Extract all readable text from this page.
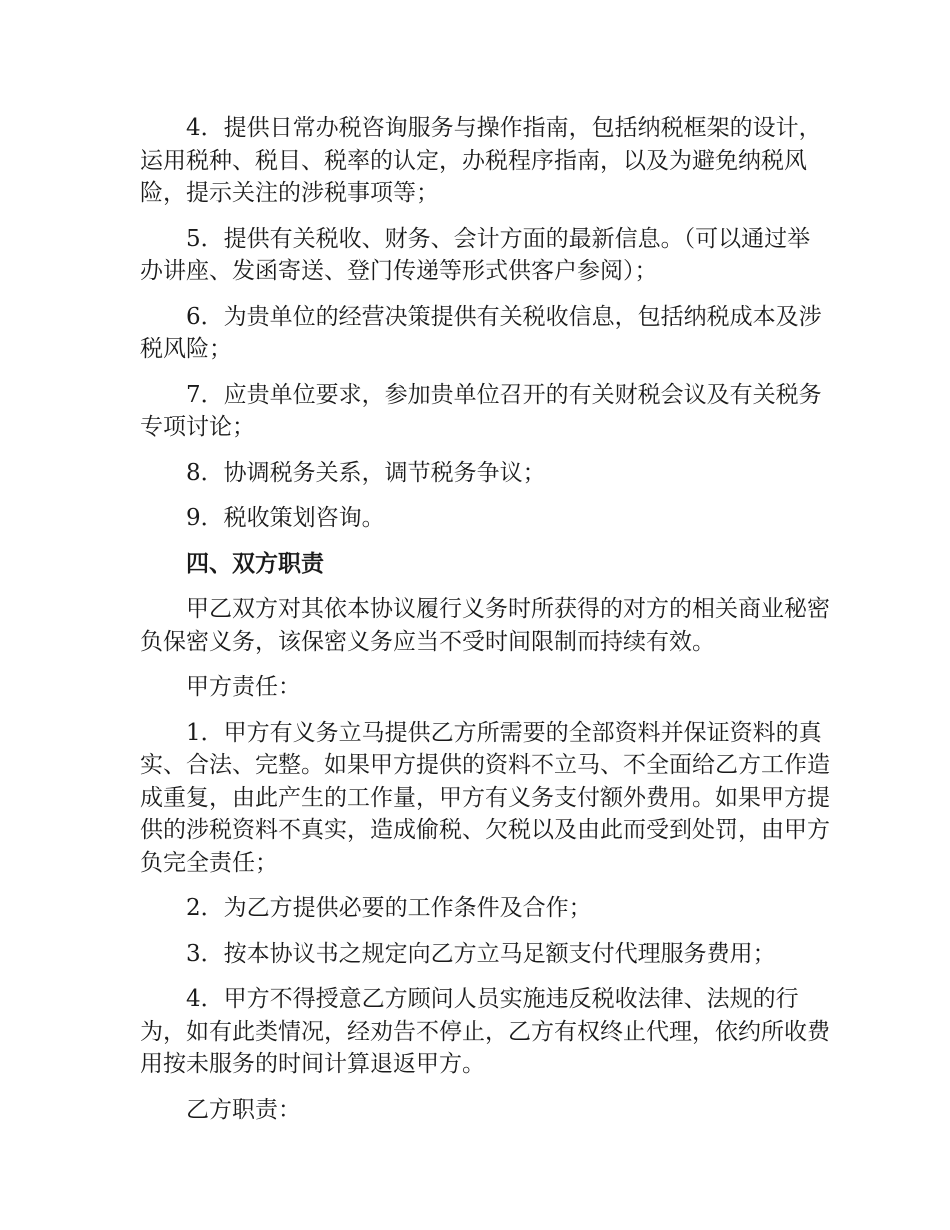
4．提供日常办税咨询服务与操作指南，包括纳税框架的设计，运用税种、税目、税率的认定，办税程序指南，以及为避免纳税风险，提示关注的涉税事项等；

5．提供有关税收、财务、会计方面的最新信息。（可以通过举办讲座、发函寄送、登门传递等形式供客户参阅）；

6．为贵单位的经营决策提供有关税收信息，包括纳税成本及涉税风险；

7．应贵单位要求，参加贵单位召开的有关财税会议及有关税务专项讨论；

8．协调税务关系，调节税务争议；

9．税收策划咨询。

四、双方职责

甲乙双方对其依本协议履行义务时所获得的对方的相关商业秘密负保密义务，该保密义务应当不受时间限制而持续有效。

甲方责任：

1．甲方有义务立马提供乙方所需要的全部资料并保证资料的真实、合法、完整。如果甲方提供的资料不立马、不全面给乙方工作造成重复，由此产生的工作量，甲方有义务支付额外费用。如果甲方提供的涉税资料不真实，造成偷税、欠税以及由此而受到处罚，由甲方负完全责任；

2．为乙方提供必要的工作条件及合作；

3．按本协议书之规定向乙方立马足额支付代理服务费用；

4．甲方不得授意乙方顾问人员实施违反税收法律、法规的行为，如有此类情况，经劝告不停止，乙方有权终止代理，依约所收费用按未服务的时间计算退返甲方。

乙方职责：
